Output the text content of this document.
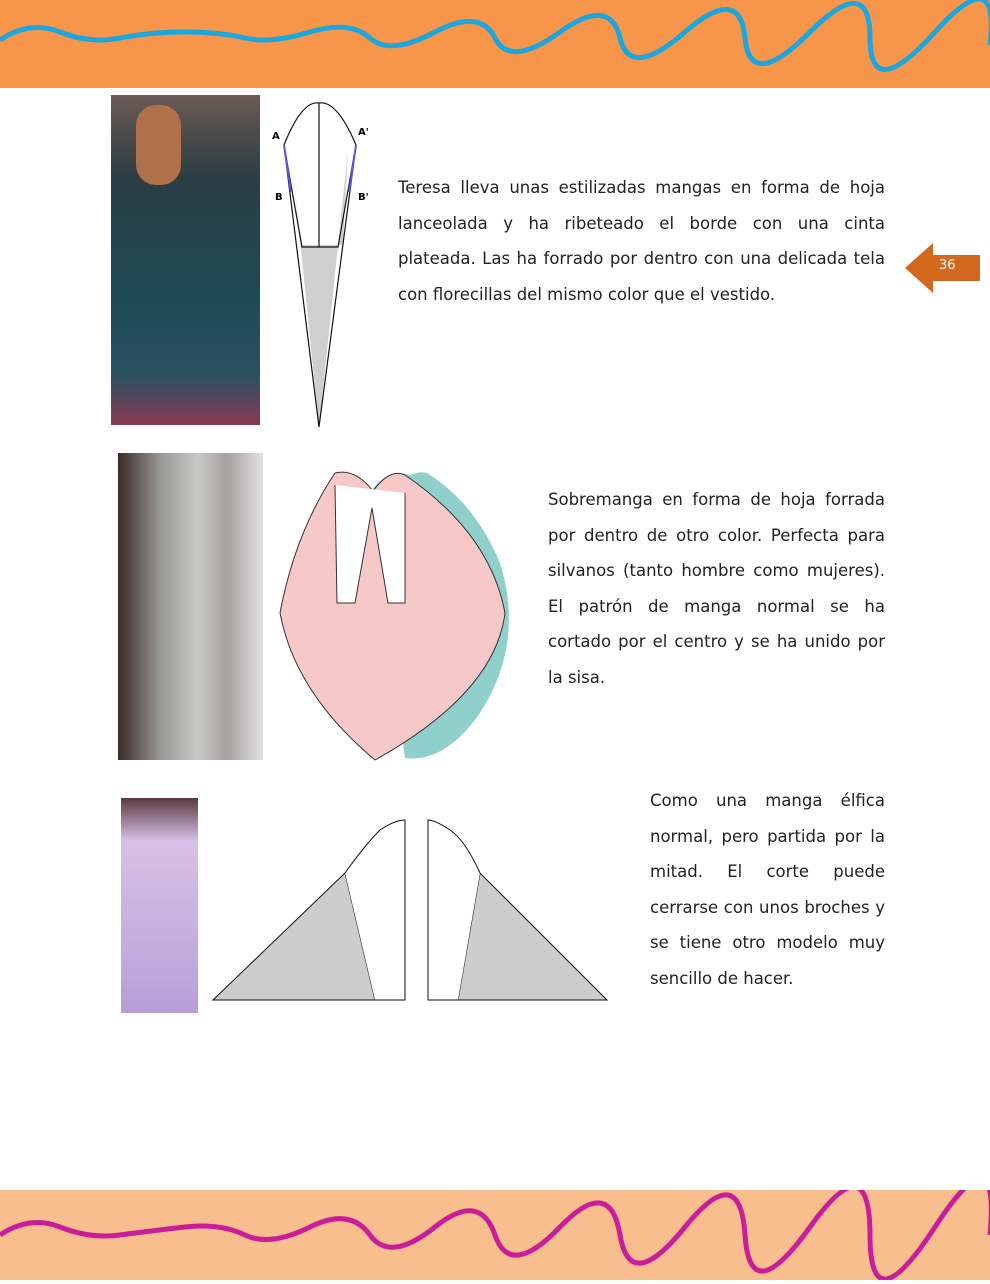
36
A	A'
B	B'

Teresa lleva unas estilizadas mangas en forma de hoja lanceolada y ha ribeteado el borde con una cinta plateada. Las ha forrado por dentro con una delicada tela con florecillas del mismo color que el vestido.

Sobremanga en forma de hoja forrada por dentro de otro color. Perfecta para silvanos (tanto hombre como mujeres). El patrón de manga normal se ha cortado por el centro y se ha unido por la sisa.

Como una manga élfica normal, pero partida por la mitad. El corte puede cerrarse con unos broches y se tiene otro modelo muy sencillo de hacer.
